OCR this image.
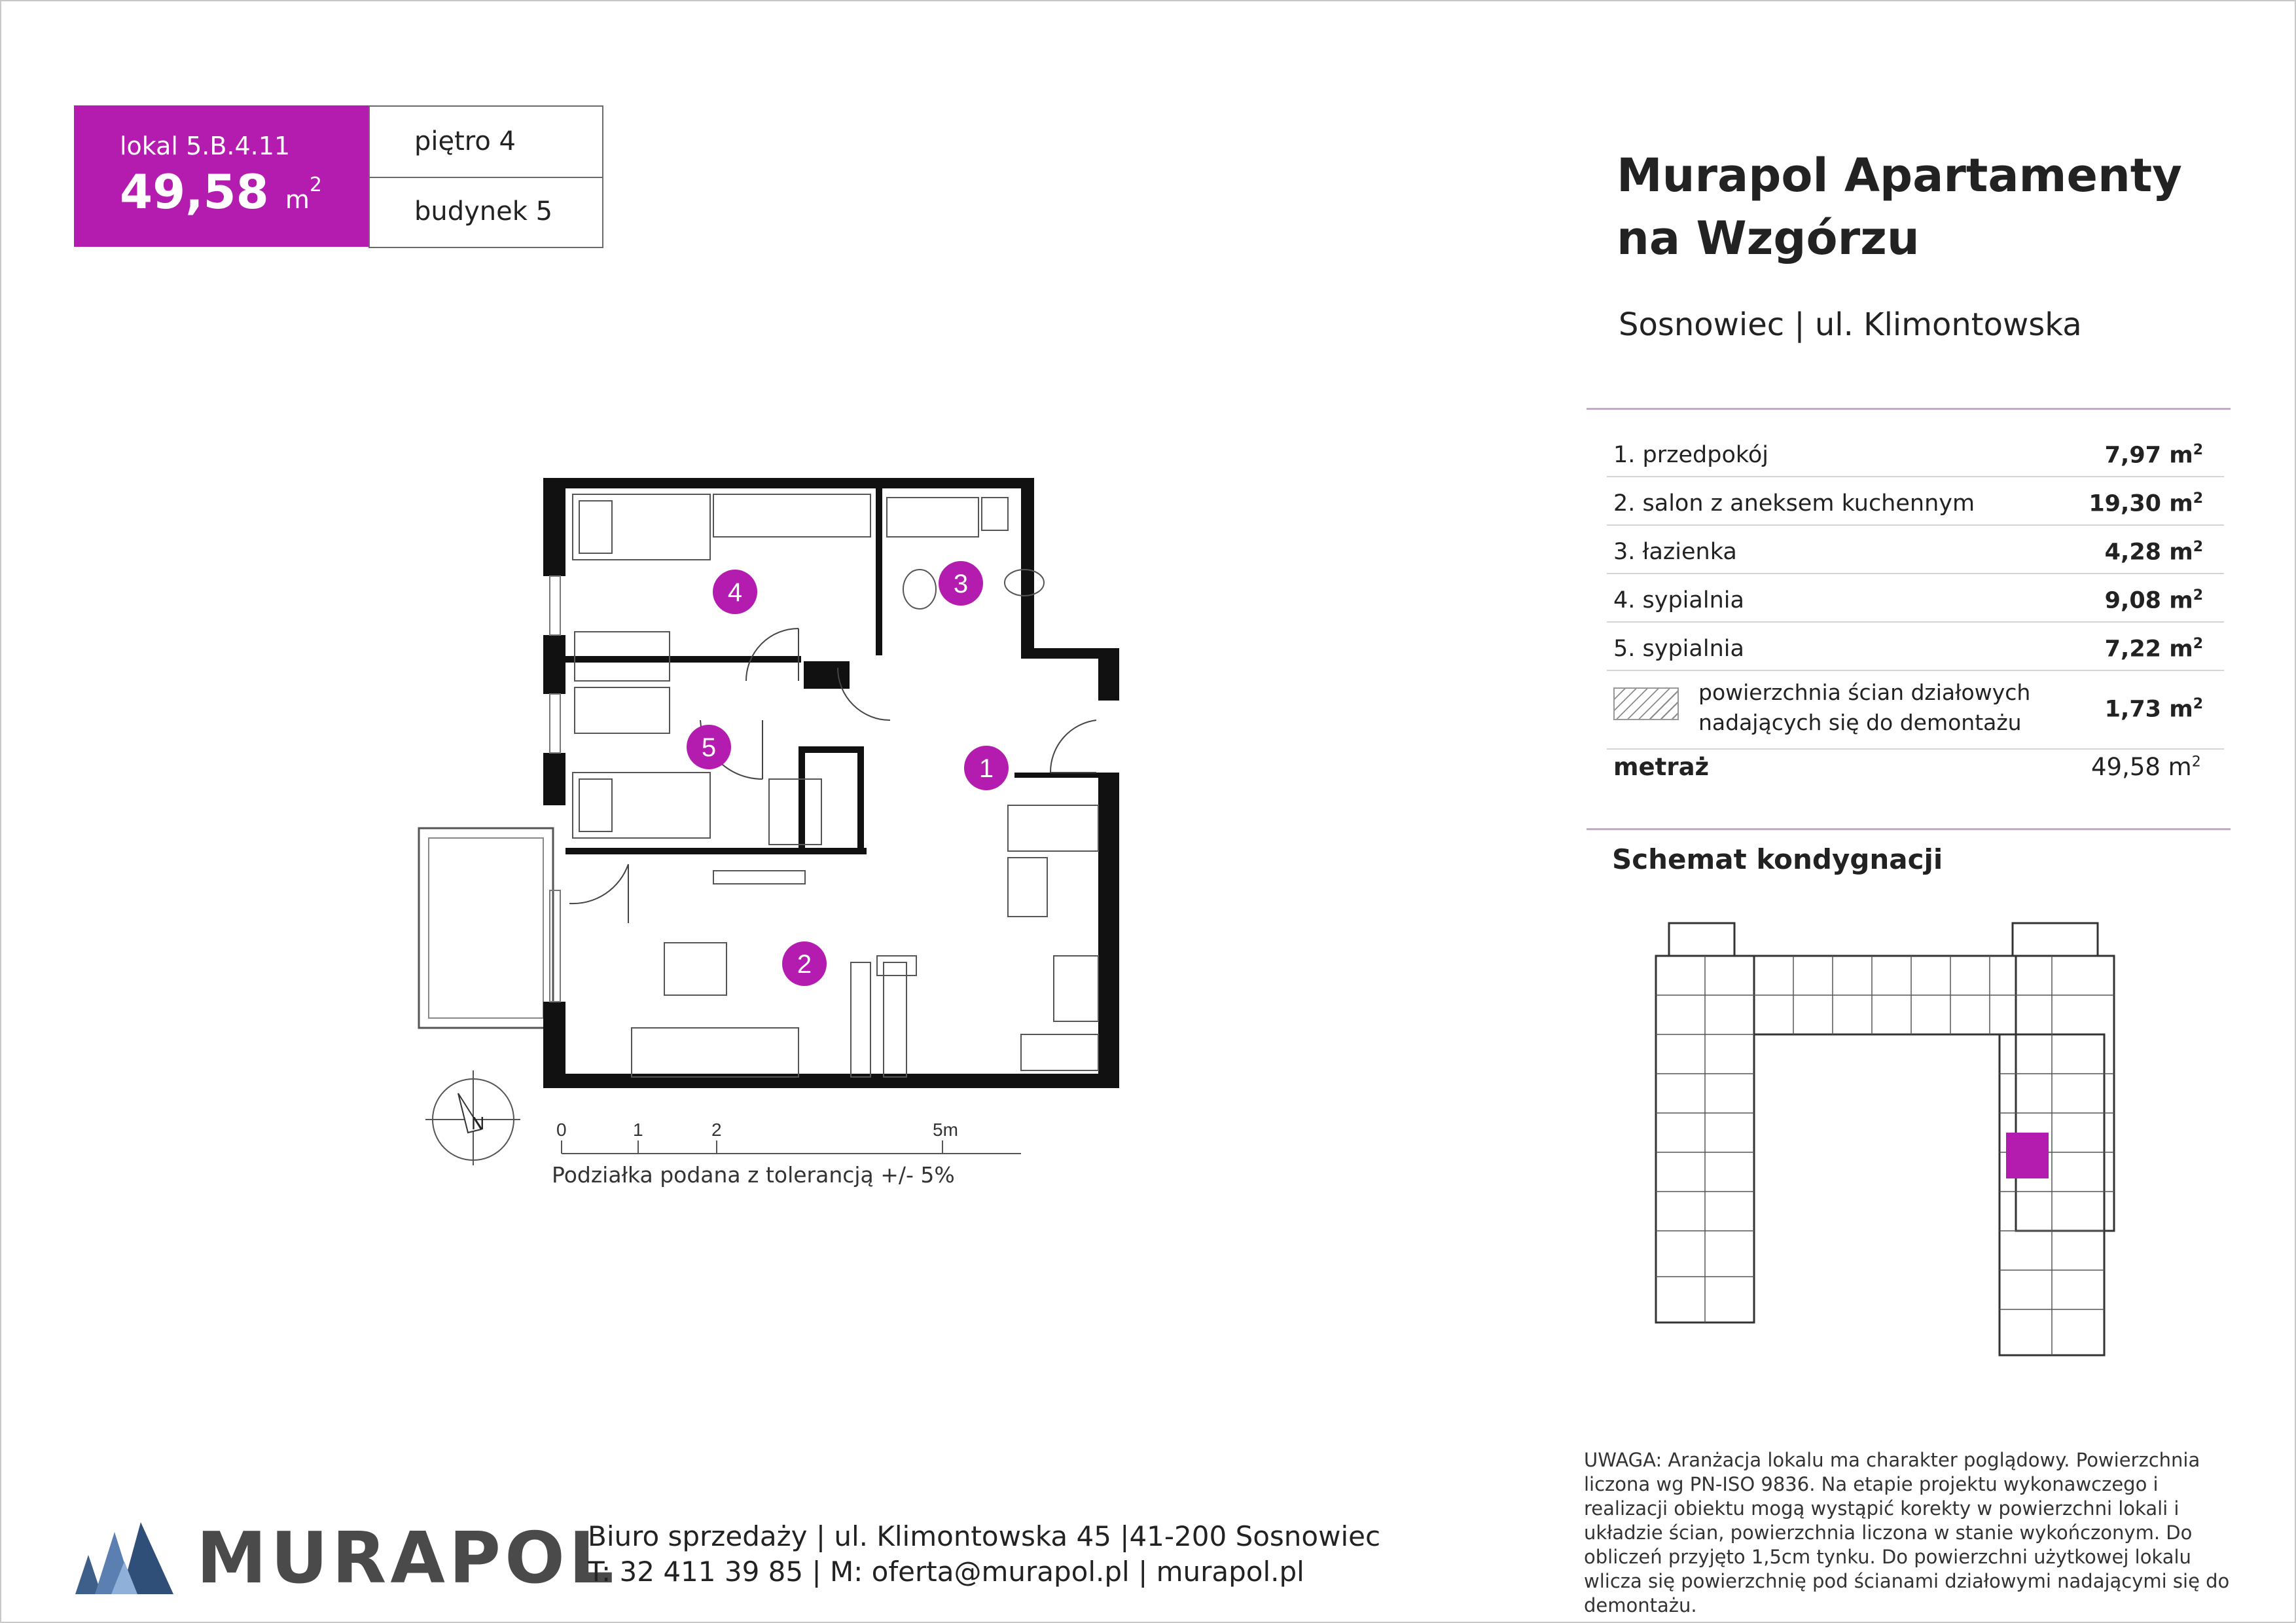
lokal 5.B.4.11
49,58 $m^2$
piętro 4
budynek 5
Murapol Apartamenty
na Wzgórzu
Sosnowiec | ul. Klimontowska
1. przedpokój	7,97 $m^2$
2. salon z aneksem kuchennym	19,30 $m^2$
3. łazienka	4,28 $m^2$
4. sypialnia	9,08 $m^2$
5. sypialnia	7,22 $m^2$
powierzchnia ścian działowych
nadających się do demontażu	1,73 $m^2$
metraż	49,58 $m^2$
Schemat kondygnacji
1
2
3
4
5
N	0	1	2	5m
Podziałka podana z tolerancją +/- 5%
UWAGA: Aranżacja lokalu ma charakter poglądowy. Powierzchnia liczona wg PN-ISO 9836. Na etapie projektu wykonawczego i realizacji obiektu mogą wystąpić korekty w powierzchni lokali i układzie ścian, powierzchnia liczona w stanie wykończonym. Do obliczeń przyjęto 1,5cm tynku. Do powierzchni użytkowej lokalu wlicza się powierzchnię pod ścianami działowymi nadającymi się do demontażu.
MURAPOL
Biuro sprzedaży | ul. Klimontowska 45 |41-200 Sosnowiec
T: 32 411 39 85 | M: oferta@murapol.pl | murapol.pl
